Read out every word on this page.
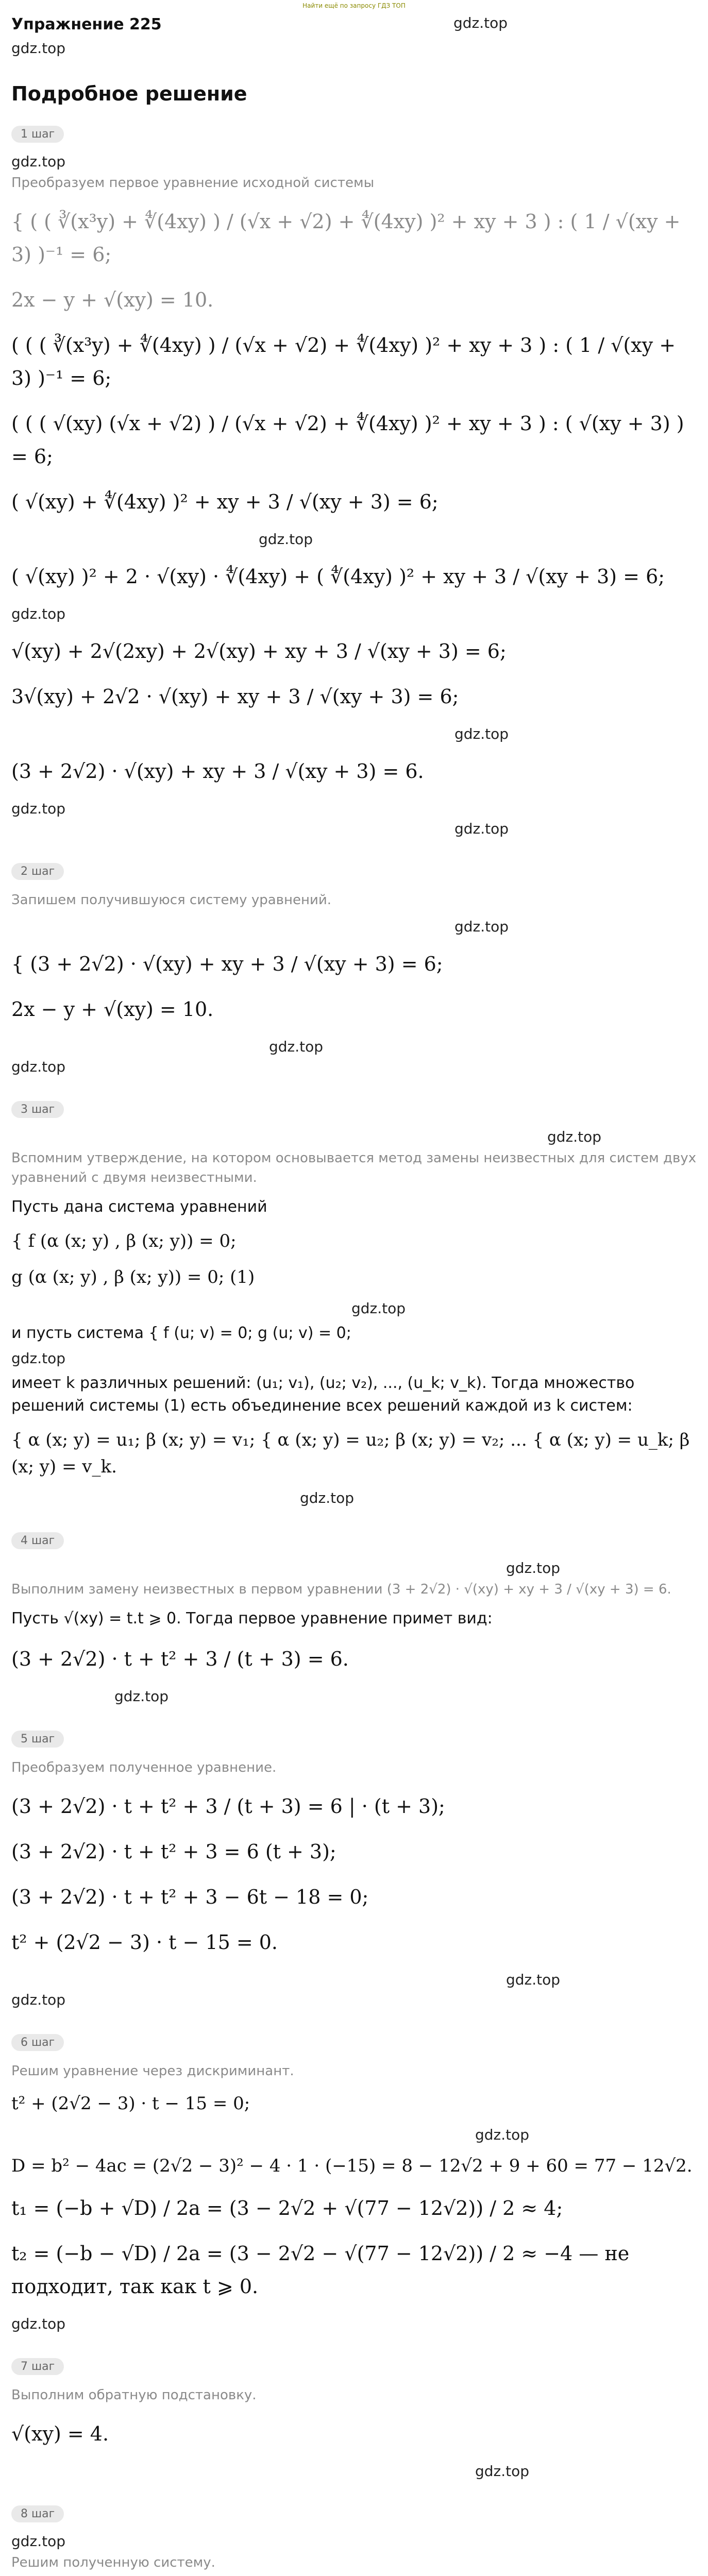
Найти ещё по запросу ГДЗ ТОП
gdz.top
Упражнение 225
gdz.top
Подробное решение
1 шаг
gdz.top
Преобразуем первое уравнение исходной системы
{ ( ( ∛(x³y) + ∜(4xy) ) / (√x + √2) + ∜(4xy) )² + xy + 3 ) : ( 1 / √(xy + 3) )⁻¹ = 6;
2x − y + √(xy) = 10.
( ( ( ∛(x³y) + ∜(4xy) ) / (√x + √2) + ∜(4xy) )² + xy + 3 ) : ( 1 / √(xy + 3) )⁻¹ = 6;
( ( ( √(xy) (√x + √2) ) / (√x + √2) + ∜(4xy) )² + xy + 3 ) : ( √(xy + 3) ) = 6;
( √(xy) + ∜(4xy) )² + xy + 3 / √(xy + 3) = 6;
gdz.top
( √(xy) )² + 2 · √(xy) · ∜(4xy) + ( ∜(4xy) )² + xy + 3 / √(xy + 3) = 6;
gdz.top
√(xy) + 2√(2xy) + 2√(xy) + xy + 3 / √(xy + 3) = 6;
3√(xy) + 2√2 · √(xy) + xy + 3 / √(xy + 3) = 6;
gdz.top
(3 + 2√2) · √(xy) + xy + 3 / √(xy + 3) = 6.
gdz.top
gdz.top
2 шаг
Запишем получившуюся систему уравнений.
gdz.top
{ (3 + 2√2) · √(xy) + xy + 3 / √(xy + 3) = 6;
2x − y + √(xy) = 10.
gdz.top
gdz.top
3 шаг
gdz.top
Вспомним утверждение, на котором основывается метод замены неизвестных для систем двух уравнений с двумя неизвестными.
Пусть дана система уравнений
{ f (α (x; y) , β (x; y)) = 0;
g (α (x; y) , β (x; y)) = 0; (1)
gdz.top
и пусть система { f (u; v) = 0; g (u; v) = 0;
gdz.top
имеет k различных решений: (u₁; v₁), (u₂; v₂), ..., (u_k; v_k). Тогда множество решений системы (1) есть объединение всех решений каждой из k систем:
{ α (x; y) = u₁; β (x; y) = v₁; { α (x; y) = u₂; β (x; y) = v₂; ... { α (x; y) = u_k; β (x; y) = v_k.
gdz.top
4 шаг
gdz.top
Выполним замену неизвестных в первом уравнении (3 + 2√2) · √(xy) + xy + 3 / √(xy + 3) = 6.
Пусть √(xy) = t.t ⩾ 0. Тогда первое уравнение примет вид:
(3 + 2√2) · t + t² + 3 / (t + 3) = 6.
gdz.top
5 шаг
Преобразуем полученное уравнение.
(3 + 2√2) · t + t² + 3 / (t + 3) = 6 | · (t + 3);
(3 + 2√2) · t + t² + 3 = 6 (t + 3);
(3 + 2√2) · t + t² + 3 − 6t − 18 = 0;
t² + (2√2 − 3) · t − 15 = 0.
gdz.top
gdz.top
6 шаг
Решим уравнение через дискриминант.
t² + (2√2 − 3) · t − 15 = 0;
gdz.top
D = b² − 4ac = (2√2 − 3)² − 4 · 1 · (−15) = 8 − 12√2 + 9 + 60 = 77 − 12√2.
t₁ = (−b + √D) / 2a = (3 − 2√2 + √(77 − 12√2)) / 2 ≈ 4;
t₂ = (−b − √D) / 2a = (3 − 2√2 − √(77 − 12√2)) / 2 ≈ −4 — не подходит, так как t ⩾ 0.
gdz.top
7 шаг
Выполним обратную подстановку.
√(xy) = 4.
gdz.top
8 шаг
gdz.top
Решим полученную систему.
